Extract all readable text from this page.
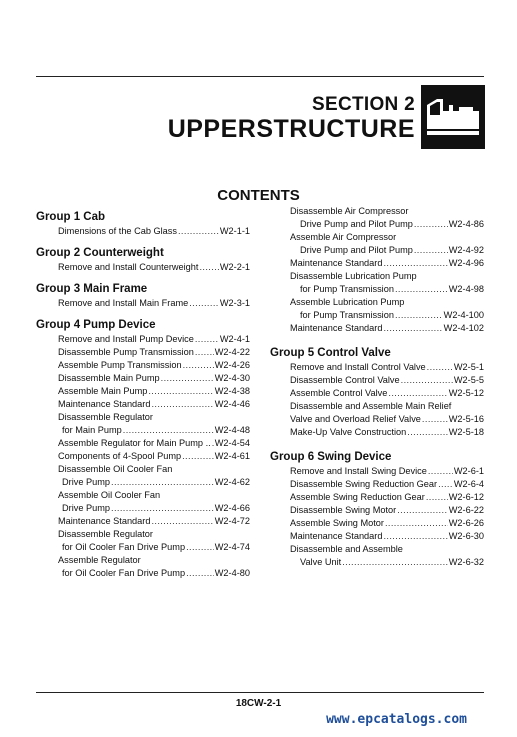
SECTION 2
UPPERSTRUCTURE
CONTENTS
Group 1 Cab
Dimensions of the Cab Glass .....	W2-1-1
Group 2 Counterweight
Remove and Install Counterweight ..... W2-2-1
Group 3 Main Frame
Remove and Install Main Frame .....	W2-3-1
Group 4 Pump Device
Remove and Install Pump Device .....	W2-4-1
Disassemble Pump Transmission ..... W2-4-22
Assemble Pump Transmission .....	W2-4-26
Disassemble Main Pump .....	W2-4-30
Assemble Main Pump .....	W2-4-38
Maintenance Standard .....	W2-4-46
Disassemble Regulator
for Main Pump .....	W2-4-48
Assemble Regulator for Main Pump .. ..... W2-4-54
Components of 4-Spool Pump .....	W2-4-61
Disassemble Oil Cooler Fan
Drive Pump .....	W2-4-62
Assemble Oil Cooler Fan
Drive Pump .....	W2-4-66
Maintenance Standard .....	W2-4-72
Disassemble Regulator
for Oil Cooler Fan Drive Pump .....	W2-4-74
Assemble Regulator
for Oil Cooler Fan Drive Pump .....	W2-4-80
Disassemble Air Compressor
Drive Pump and Pilot Pump .....	W2-4-86
Assemble Air Compressor
Drive Pump and Pilot Pump .....	W2-4-92
Maintenance Standard .....	W2-4-96
Disassemble Lubrication Pump
for Pump Transmission .....	W2-4-98
Assemble Lubrication Pump
for Pump Transmission .....	W2-4-100
Maintenance Standard .....	W2-4-102
Group 5 Control Valve
Remove and Install Control Valve .....	W2-5-1
Disassemble Control Valve .....	W2-5-5
Assemble Control Valve .....	W2-5-12
Disassemble and Assemble Main Relief
Valve and Overload Relief Valve .....	W2-5-16
Make-Up Valve Construction .....	W2-5-18
Group 6 Swing Device
Remove and Install Swing Device .....	W2-6-1
Disassemble Swing Reduction Gear ..... W2-6-4
Assemble Swing Reduction Gear .....	W2-6-12
Disassemble Swing Motor .....	W2-6-22
Assemble Swing Motor .....	W2-6-26
Maintenance Standard .....	W2-6-30
Disassemble and Assemble
Valve Unit .....	W2-6-32
18CW-2-1
www.epcatalogs.com
